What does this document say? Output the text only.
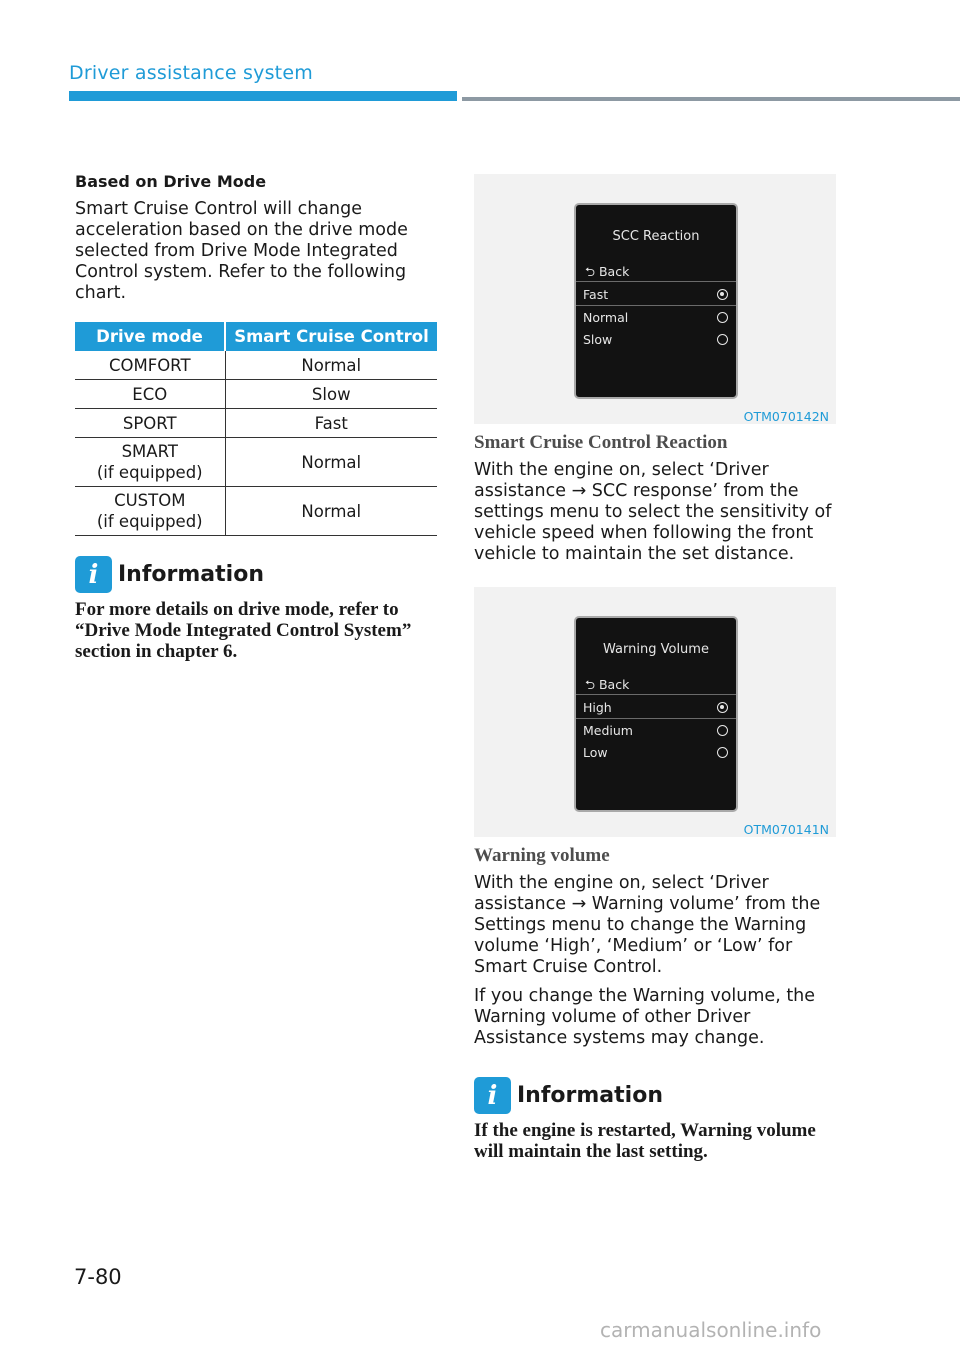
Driver assistance system

Based on Drive Mode

Smart Cruise Control will change acceleration based on the drive mode selected from Drive Mode Integrated Control system. Refer to the following chart.

Drive mode	Smart Cruise Control
COMFORT	Normal
ECO	Slow
SPORT	Fast
SMART
(if equipped)	Normal
CUSTOM
(if equipped)	Normal
i Information

For more details on drive mode, refer to “Drive Mode Integrated Control System” section in chapter 6.

SCC Reaction
⮌ Back
Fast
Normal
Slow
OTM070142N
Smart Cruise Control Reaction

With the engine on, select ‘Driver assistance → SCC response’ from the settings menu to select the sensitivity of vehicle speed when following the front vehicle to maintain the set distance.

Warning Volume
⮌ Back
High
Medium
Low
OTM070141N
Warning volume

With the engine on, select ‘Driver assistance → Warning volume’ from the Settings menu to change the Warning volume ‘High’, ‘Medium’ or ‘Low’ for Smart Cruise Control.

If you change the Warning volume, the Warning volume of other Driver Assistance systems may change.

i Information

If the engine is restarted, Warning volume will maintain the last setting.

7-80
carmanualsonline.info
